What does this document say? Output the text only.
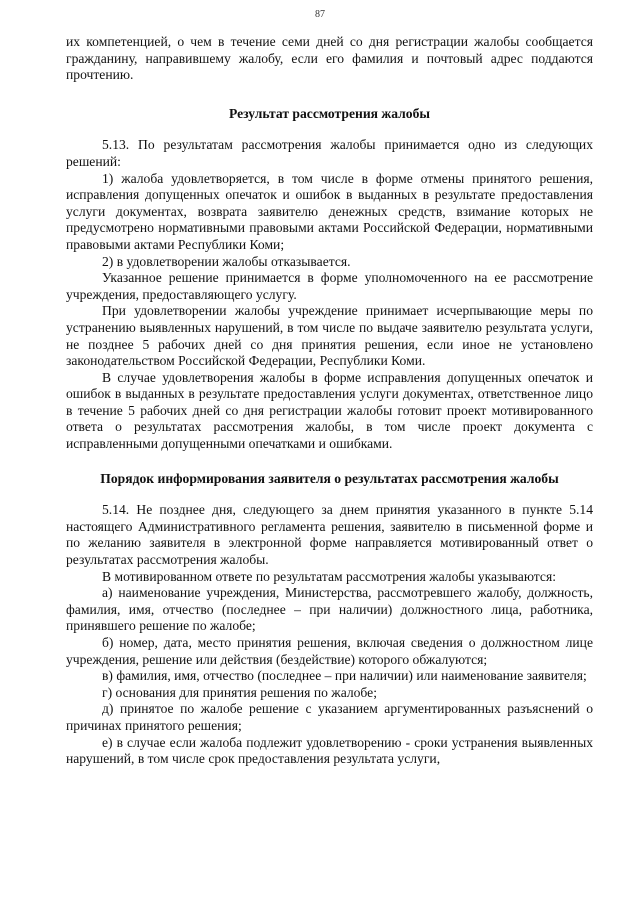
87

их компетенцией, о чем в течение семи дней со дня регистрации жалобы сообщается гражданину, направившему жалобу, если его фамилия и почтовый адрес поддаются прочтению.

Результат рассмотрения жалобы

5.13. По результатам рассмотрения жалобы принимается одно из следующих решений:

1) жалоба удовлетворяется, в том числе в форме отмены принятого решения, исправления допущенных опечаток и ошибок в выданных в результате предоставления услуги документах, возврата заявителю денежных средств, взимание которых не предусмотрено нормативными правовыми актами Российской Федерации, нормативными правовыми актами Республики Коми;

2) в удовлетворении жалобы отказывается.

Указанное решение принимается в форме уполномоченного на ее рассмотрение учреждения, предоставляющего услугу.

При удовлетворении жалобы учреждение принимает исчерпывающие меры по устранению выявленных нарушений, в том числе по выдаче заявителю результата услуги, не позднее 5 рабочих дней со дня принятия решения, если иное не установлено законодательством Российской Федерации, Республики Коми.

В случае удовлетворения жалобы в форме исправления допущенных опечаток и ошибок в выданных в результате предоставления услуги документах, ответственное лицо в течение 5 рабочих дней со дня регистрации жалобы готовит проект мотивированного ответа о результатах рассмотрения жалобы, в том числе проект документа с исправленными допущенными опечатками и ошибками.

Порядок информирования заявителя о результатах рассмотрения жалобы

5.14. Не позднее дня, следующего за днем принятия указанного в пункте 5.14 настоящего Административного регламента решения, заявителю в письменной форме и по желанию заявителя в электронной форме направляется мотивированный ответ о результатах рассмотрения жалобы.

В мотивированном ответе по результатам рассмотрения жалобы указываются:

а) наименование учреждения, Министерства, рассмотревшего жалобу, должность, фамилия, имя, отчество (последнее – при наличии) должностного лица, работника, принявшего решение по жалобе;

б) номер, дата, место принятия решения, включая сведения о должностном лице учреждения, решение или действия (бездействие) которого обжалуются;

в) фамилия, имя, отчество (последнее – при наличии) или наименование заявителя;

г) основания для принятия решения по жалобе;

д) принятое по жалобе решение с указанием аргументированных разъяснений о причинах принятого решения;

е) в случае если жалоба подлежит удовлетворению - сроки устранения выявленных нарушений, в том числе срок предоставления результата услуги,
